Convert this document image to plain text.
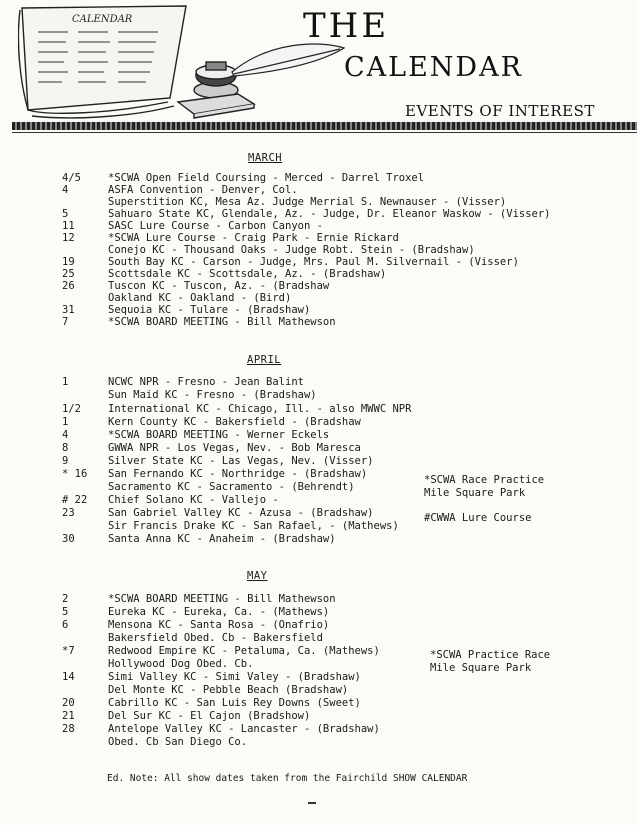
CALENDAR	THE
CALENDAR
EVENTS OF INTEREST
MARCH
4/5	*SCWA Open Field Coursing - Merced - Darrel Troxel
4	ASFA Convention - Denver, Col.
Superstition KC, Mesa Az. Judge Merrial S. Newnauser - (Visser)
5	Sahuaro State KC, Glendale, Az. - Judge, Dr. Eleanor Waskow - (Visser)
11	SASC Lure Course - Carbon Canyon -
12	*SCWA Lure Course - Craig Park - Ernie Rickard
Conejo KC - Thousand Oaks - Judge Robt. Stein - (Bradshaw)
19	South Bay KC - Carson - Judge, Mrs. Paul M. Silvernail - (Visser)
25	Scottsdale KC - Scottsdale, Az. - (Bradshaw)
26	Tuscon KC - Tuscon, Az. - (Bradshaw
Oakland KC - Oakland - (Bird)
31	Sequoia KC - Tulare - (Bradshaw)
7	*SCWA BOARD MEETING - Bill Mathewson
APRIL
1	NCWC NPR - Fresno - Jean Balint
Sun Maid KC - Fresno - (Bradshaw)
1/2	International KC - Chicago, Ill. - also MWWC NPR
1	Kern County KC - Bakersfield - (Bradshaw
4	*SCWA BOARD MEETING - Werner Eckels
8	GWWA NPR - Los Vegas, Nev. - Bob Maresca
9	Silver State KC - Las Vegas, Nev. (Visser)
* 16	San Fernando KC - Northridge - (Bradshaw)
Sacramento KC - Sacramento - (Behrendt)
# 22	Chief Solano KC - Vallejo -
23	San Gabriel Valley KC - Azusa - (Bradshaw)
Sir Francis Drake KC - San Rafael, - (Mathews)
30	Santa Anna KC - Anaheim - (Bradshaw)
*SCWA Race Practice
Mile Square Park
#CWWA Lure Course
MAY
2	*SCWA BOARD MEETING - Bill Mathewson
5	Eureka KC - Eureka, Ca. - (Mathews)
6	Mensona KC - Santa Rosa - (Onafrio)
Bakersfield Obed. Cb - Bakersfield
*7	Redwood Empire KC - Petaluma, Ca. (Mathews)
Hollywood Dog Obed. Cb.
14	Simi Valley KC - Simi Valey - (Bradshaw)
Del Monte KC - Pebble Beach (Bradshaw)
20	Cabrillo KC - San Luis Rey Downs (Sweet)
21	Del Sur KC - El Cajon (Bradshow)
28	Antelope Valley KC - Lancaster - (Bradshaw)
Obed. Cb San Diego Co.
*SCWA Practice Race
Mile Square Park
Ed. Note: All show dates taken from the Fairchild SHOW CALENDAR
